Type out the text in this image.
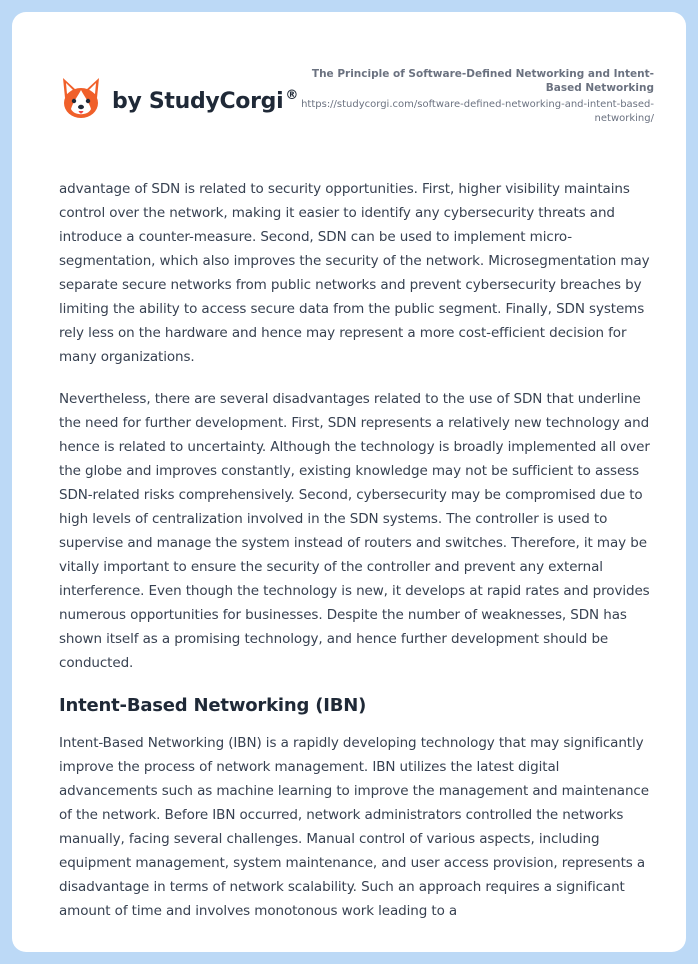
by StudyCorgi ®
The Principle of Software-Defined Networking and Intent-Based Networking
https://studycorgi.com/software-defined-networking-and-intent-based-networking/

advantage of SDN is related to security opportunities. First, higher visibility maintains control over the network, making it easier to identify any cybersecurity threats and introduce a counter-measure. Second, SDN can be used to implement micro-segmentation, which also improves the security of the network. Microsegmentation may separate secure networks from public networks and prevent cybersecurity breaches by limiting the ability to access secure data from the public segment. Finally, SDN systems rely less on the hardware and hence may represent a more cost-efficient decision for many organizations.

Nevertheless, there are several disadvantages related to the use of SDN that underline the need for further development. First, SDN represents a relatively new technology and hence is related to uncertainty. Although the technology is broadly implemented all over the globe and improves constantly, existing knowledge may not be sufficient to assess SDN-related risks comprehensively. Second, cybersecurity may be compromised due to high levels of centralization involved in the SDN systems. The controller is used to supervise and manage the system instead of routers and switches. Therefore, it may be vitally important to ensure the security of the controller and prevent any external interference. Even though the technology is new, it develops at rapid rates and provides numerous opportunities for businesses. Despite the number of weaknesses, SDN has shown itself as a promising technology, and hence further development should be conducted.

Intent-Based Networking (IBN)

Intent-Based Networking (IBN) is a rapidly developing technology that may significantly improve the process of network management. IBN utilizes the latest digital advancements such as machine learning to improve the management and maintenance of the network. Before IBN occurred, network administrators controlled the networks manually, facing several challenges. Manual control of various aspects, including equipment management, system maintenance, and user access provision, represents a disadvantage in terms of network scalability. Such an approach requires a significant amount of time and involves monotonous work leading to a
